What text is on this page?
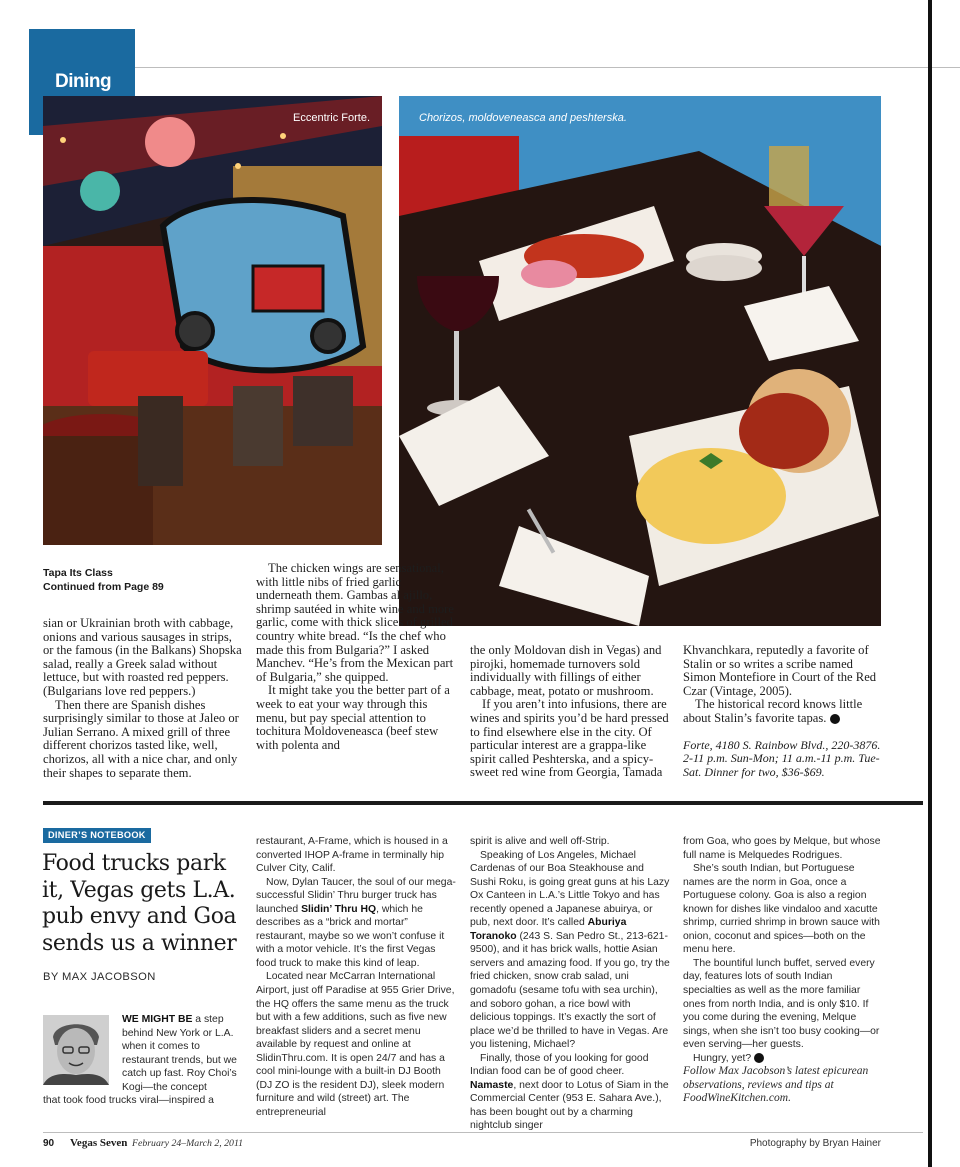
Dining
Eccentric Forte.	Chorizos, moldoveneasca and peshterska.
Tapa Its Class
Continued from Page 89

sian or Ukrainian broth with cabbage, onions and various sausages in strips, or the famous (in the Balkans) Shopska salad, really a Greek salad without lettuce, but with roasted red peppers. (Bulgarians love red peppers.)

Then there are Spanish dishes surprisingly similar to those at Jaleo or Julian Serrano. A mixed grill of three different chorizos tasted like, well, chorizos, all with a nice char, and only their shapes to separate them.

The chicken wings are sensational, with little nibs of fried garlic underneath them. Gambas al ajillo, shrimp sautéed in white wine and more garlic, come with thick slices of grilled country white bread. “Is the chef who made this from Bulgaria?” I asked Manchev. “He’s from the Mexican part of Bulgaria,” she quipped.

It might take you the better part of a week to eat your way through this menu, but pay special attention to tochitura Moldoveneasca (beef stew with polenta and

the only Moldovan dish in Vegas) and pirojki, homemade turnovers sold individually with fillings of either cabbage, meat, potato or mushroom.

If you aren’t into infusions, there are wines and spirits you’d be hard pressed to find elsewhere else in the city. Of particular interest are a grappa-like spirit called Peshterska, and a spicy-sweet red wine from Georgia, Tamada

Khvanchkara, reputedly a favorite of Stalin or so writes a scribe named Simon Montefiore in Court of the Red Czar (Vintage, 2005).

The historical record knows little about Stalin’s favorite tapas. 7

Forte, 4180 S. Rainbow Blvd., 220-3876. 2-11 p.m. Sun-Mon; 11 a.m.-11 p.m. Tue-Sat. Dinner for two, $36-$69.

DINER’S NOTEBOOK
Food trucks park it, Vegas gets L.A. pub envy and Goa sends us a winner
BY MAX JACOBSON

WE MIGHT BE a step behind New York or L.A. when it comes to restaurant trends, but we catch up fast. Roy Choi’s Kogi—the concept

that took food trucks viral—inspired a

restaurant, A-Frame, which is housed in a converted IHOP A-frame in terminally hip Culver City, Calif.

Now, Dylan Taucer, the soul of our mega-successful Slidin’ Thru burger truck has launched Slidin’ Thru HQ, which he describes as a “brick and mortar” restaurant, maybe so we won’t confuse it with a motor vehicle. It’s the first Vegas food truck to make this kind of leap.

Located near McCarran International Airport, just off Paradise at 955 Grier Drive, the HQ offers the same menu as the truck but with a few additions, such as five new breakfast sliders and a secret menu available by request and online at SlidinThru.com. It is open 24/7 and has a cool mini-lounge with a built-in DJ Booth (DJ ZO is the resident DJ), sleek modern furniture and wild (street) art. The entrepreneurial

spirit is alive and well off-Strip.

Speaking of Los Angeles, Michael Cardenas of our Boa Steakhouse and Sushi Roku, is going great guns at his Lazy Ox Canteen in L.A.’s Little Tokyo and has recently opened a Japanese abuirya, or pub, next door. It’s called Aburiya Toranoko (243 S. San Pedro St., 213-621-9500), and it has brick walls, hottie Asian servers and amazing food. If you go, try the fried chicken, snow crab salad, uni gomadofu (sesame tofu with sea urchin), and soboro gohan, a rice bowl with delicious toppings. It’s exactly the sort of place we’d be thrilled to have in Vegas. Are you listening, Michael?

Finally, those of you looking for good Indian food can be of good cheer. Namaste, next door to Lotus of Siam in the Commercial Center (953 E. Sahara Ave.), has been bought out by a charming nightclub singer

from Goa, who goes by Melque, but whose full name is Melquedes Rodrigues.

She’s south Indian, but Portuguese names are the norm in Goa, once a Portuguese colony. Goa is also a region known for dishes like vindaloo and xacutte shrimp, curried shrimp in brown sauce with onion, coconut and spices—both on the menu here.

The bountiful lunch buffet, served every day, features lots of south Indian specialties as well as the more familiar ones from north India, and is only $10. If you come during the evening, Melque sings, when she isn’t too busy cooking—or even serving—her guests.

Hungry, yet? 7

Follow Max Jacobson’s latest epicurean observations, reviews and tips at FoodWineKitchen.com.

90 Vegas Seven February 24–March 2, 2011	Photography by Bryan Hainer
